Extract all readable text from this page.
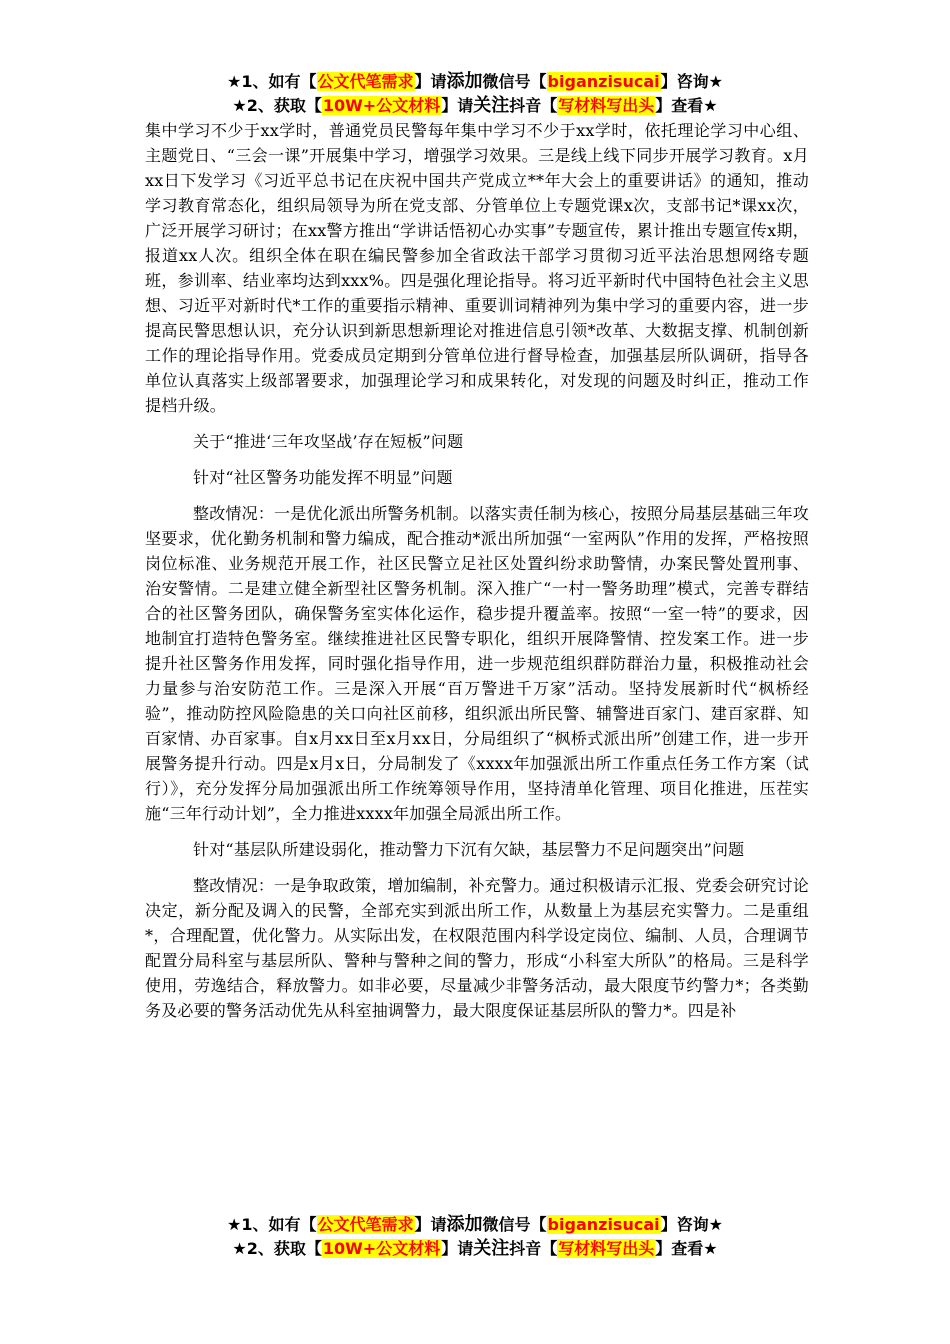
★1、如有【公文代笔需求】请添加微信号【biganzisucai】咨询★
★2、获取【10W+公文材料】请关注抖音【写材料写出头】查看★

集中学习不少于xx学时，普通党员民警每年集中学习不少于xx学时，依托理论学习中心组、主题党日、“三会一课”开展集中学习，增强学习效果。三是线上线下同步开展学习教育。x月xx日下发学习《习近平总书记在庆祝中国共产党成立**年大会上的重要讲话》的通知，推动学习教育常态化，组织局领导为所在党支部、分管单位上专题党课x次，支部书记*课xx次，广泛开展学习研讨；在xx警方推出“学讲话悟初心办实事”专题宣传，累计推出专题宣传x期，报道xx人次。组织全体在职在编民警参加全省政法干部学习贯彻习近平法治思想网络专题班，参训率、结业率均达到xxx%。四是强化理论指导。将习近平新时代中国特色社会主义思想、习近平对新时代*工作的重要指示精神、重要训词精神列为集中学习的重要内容，进一步提高民警思想认识，充分认识到新思想新理论对推进信息引领*改革、大数据支撑、机制创新工作的理论指导作用。党委成员定期到分管单位进行督导检查，加强基层所队调研，指导各单位认真落实上级部署要求，加强理论学习和成果转化，对发现的问题及时纠正，推动工作提档升级。

关于“推进‘三年攻坚战’存在短板”问题

针对“社区警务功能发挥不明显”问题

整改情况：一是优化派出所警务机制。以落实责任制为核心，按照分局基层基础三年攻坚要求，优化勤务机制和警力编成，配合推动*派出所加强“一室两队”作用的发挥，严格按照岗位标准、业务规范开展工作，社区民警立足社区处置纠纷求助警情，办案民警处置刑事、治安警情。二是建立健全新型社区警务机制。深入推广“一村一警务助理”模式，完善专群结合的社区警务团队，确保警务室实体化运作，稳步提升覆盖率。按照“一室一特”的要求，因地制宜打造特色警务室。继续推进社区民警专职化，组织开展降警情、控发案工作。进一步提升社区警务作用发挥，同时强化指导作用，进一步规范组织群防群治力量，积极推动社会力量参与治安防范工作。三是深入开展“百万警进千万家”活动。坚持发展新时代“枫桥经验”，推动防控风险隐患的关口向社区前移，组织派出所民警、辅警进百家门、建百家群、知百家情、办百家事。自x月xx日至x月xx日，分局组织了“枫桥式派出所”创建工作，进一步开展警务提升行动。四是x月x日，分局制发了《xxxx年加强派出所工作重点任务工作方案（试行）》，充分发挥分局加强派出所工作统筹领导作用，坚持清单化管理、项目化推进，压茬实施“三年行动计划”，全力推进xxxx年加强全局派出所工作。

针对“基层队所建设弱化，推动警力下沉有欠缺，基层警力不足问题突出”问题

整改情况：一是争取政策，增加编制，补充警力。通过积极请示汇报、党委会研究讨论决定，新分配及调入的民警，全部充实到派出所工作，从数量上为基层充实警力。二是重组*，合理配置，优化警力。从实际出发，在权限范围内科学设定岗位、编制、人员，合理调节配置分局科室与基层所队、警种与警种之间的警力，形成“小科室大所队”的格局。三是科学使用，劳逸结合，释放警力。如非必要，尽量减少非警务活动，最大限度节约警力*；各类勤务及必要的警务活动优先从科室抽调警力，最大限度保证基层所队的警力*。四是补

★1、如有【公文代笔需求】请添加微信号【biganzisucai】咨询★
★2、获取【10W+公文材料】请关注抖音【写材料写出头】查看★
